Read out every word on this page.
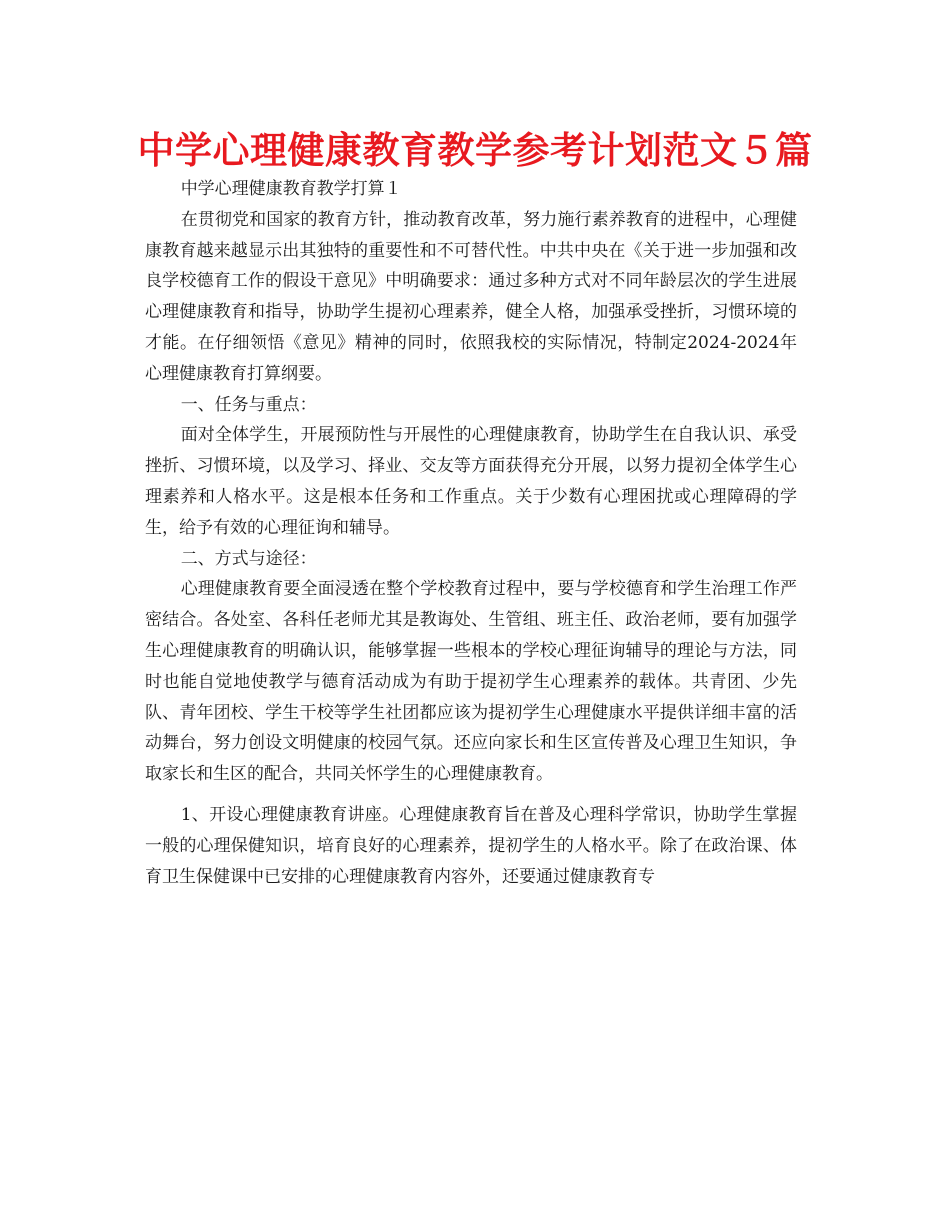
中学心理健康教育教学参考计划范文５篇

中学心理健康教育教学打算１

在贯彻党和国家的教育方针，推动教育改革，努力施行素养教育的进程中，心理健康教育越来越显示出其独特的重要性和不可替代性。中共中央在《关于进一步加强和改良学校德育工作的假设干意见》中明确要求：通过多种方式对不同年龄层次的学生进展心理健康教育和指导，协助学生提初心理素养，健全人格，加强承受挫折，习惯环境的才能。在仔细领悟《意见》精神的同时，依照我校的实际情况，特制定2024-2024年心理健康教育打算纲要。

一、任务与重点：

面对全体学生，开展预防性与开展性的心理健康教育，协助学生在自我认识、承受挫折、习惯环境，以及学习、择业、交友等方面获得充分开展，以努力提初全体学生心理素养和人格水平。这是根本任务和工作重点。关于少数有心理困扰或心理障碍的学生，给予有效的心理征询和辅导。

二、方式与途径：

心理健康教育要全面浸透在整个学校教育过程中，要与学校德育和学生治理工作严密结合。各处室、各科任老师尤其是教诲处、生管组、班主任、政治老师，要有加强学生心理健康教育的明确认识，能够掌握一些根本的学校心理征询辅导的理论与方法，同时也能自觉地使教学与德育活动成为有助于提初学生心理素养的载体。共青团、少先队、青年团校、学生干校等学生社团都应该为提初学生心理健康水平提供详细丰富的活动舞台，努力创设文明健康的校园气氛。还应向家长和生区宣传普及心理卫生知识，争取家长和生区的配合，共同关怀学生的心理健康教育。

1、开设心理健康教育讲座。心理健康教育旨在普及心理科学常识，协助学生掌握一般的心理保健知识，培育良好的心理素养，提初学生的人格水平。除了在政治课、体育卫生保健课中已安排的心理健康教育内容外，还要通过健康教育专
